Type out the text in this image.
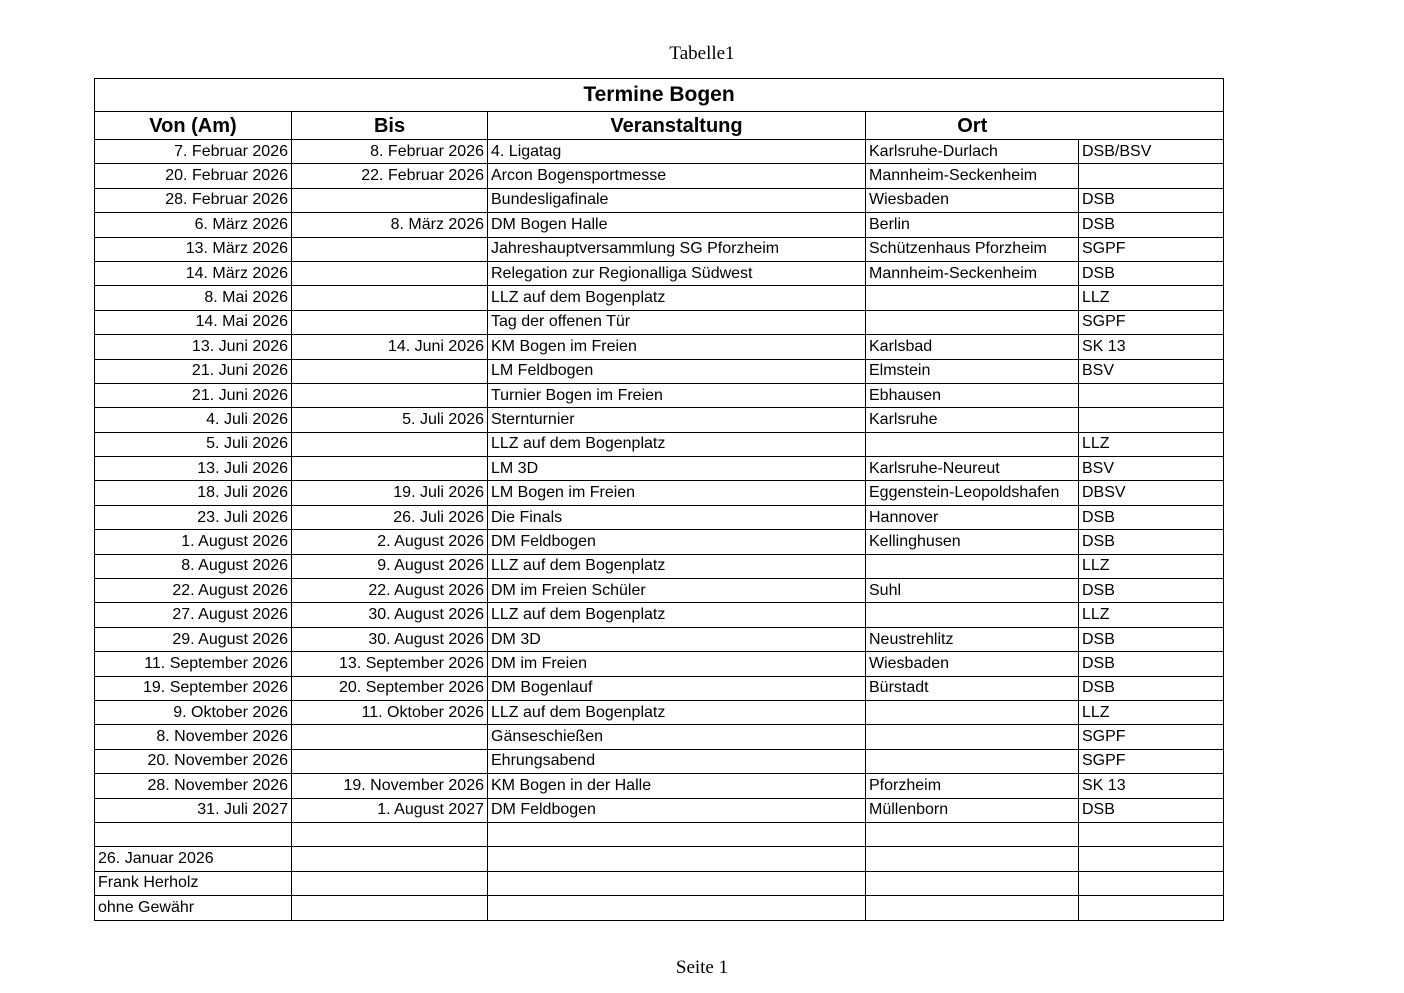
Tabelle1
Termine Bogen				
Von (Am)	Bis	Veranstaltung	Ort	
7. Februar 2026	8. Februar 2026	4. Ligatag	Karlsruhe-Durlach	DSB/BSV
20. Februar 2026	22. Februar 2026	Arcon Bogensportmesse	Mannheim-Seckenheim	
28. Februar 2026		Bundesligafinale	Wiesbaden	DSB
6. März 2026	8. März 2026	DM Bogen Halle	Berlin	DSB
13. März 2026		Jahreshauptversammlung SG Pforzheim	Schützenhaus Pforzheim	SGPF
14. März 2026		Relegation zur Regionalliga Südwest	Mannheim-Seckenheim	DSB
8. Mai 2026		LLZ auf dem Bogenplatz		LLZ
14. Mai 2026		Tag der offenen Tür		SGPF
13. Juni 2026	14. Juni 2026	KM Bogen im Freien	Karlsbad	SK 13
21. Juni 2026		LM Feldbogen	Elmstein	BSV
21. Juni 2026		Turnier Bogen im Freien	Ebhausen	
4. Juli 2026	5. Juli 2026	Sternturnier	Karlsruhe	
5. Juli 2026		LLZ auf dem Bogenplatz		LLZ
13. Juli 2026		LM 3D	Karlsruhe-Neureut	BSV
18. Juli 2026	19. Juli 2026	LM Bogen im Freien	Eggenstein-Leopoldshafen	DBSV
23. Juli 2026	26. Juli 2026	Die Finals	Hannover	DSB
1. August 2026	2. August 2026	DM Feldbogen	Kellinghusen	DSB
8. August 2026	9. August 2026	LLZ auf dem Bogenplatz		LLZ
22. August 2026	22. August 2026	DM im Freien Schüler	Suhl	DSB
27. August 2026	30. August 2026	LLZ auf dem Bogenplatz		LLZ
29. August 2026	30. August 2026	DM 3D	Neustrehlitz	DSB
11. September 2026	13. September 2026	DM im Freien	Wiesbaden	DSB
19. September 2026	20. September 2026	DM Bogenlauf	Bürstadt	DSB
9. Oktober 2026	11. Oktober 2026	LLZ auf dem Bogenplatz		LLZ
8. November 2026		Gänseschießen		SGPF
20. November 2026		Ehrungsabend		SGPF
28. November 2026	19. November 2026	KM Bogen in der Halle	Pforzheim	SK 13
31. Juli 2027	1. August 2027	DM Feldbogen	Müllenborn	DSB

26. Januar 2026				
Frank Herholz				
ohne Gewähr				
Seite 1
